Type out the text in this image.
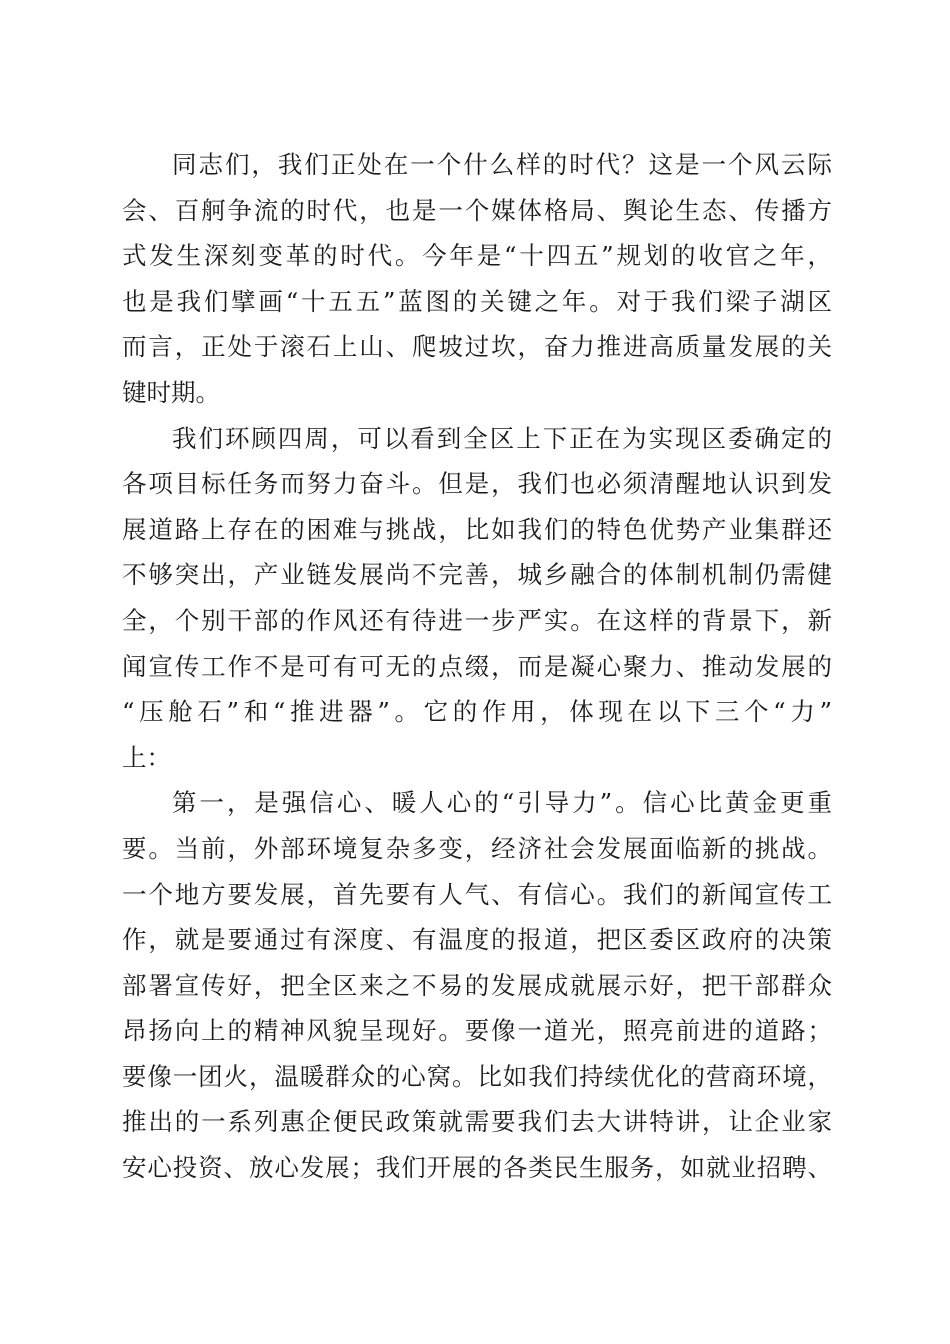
同志们，我们正处在一个什么样的时代？这是一个风云际
会、百舸争流的时代，也是一个媒体格局、舆论生态、传播方
式发生深刻变革的时代。今年是“十四五”规划的收官之年，
也是我们擘画“十五五”蓝图的关键之年。对于我们梁子湖区
而言，正处于滚石上山、爬坡过坎，奋力推进高质量发展的关
键时期。
我们环顾四周，可以看到全区上下正在为实现区委确定的
各项目标任务而努力奋斗。但是，我们也必须清醒地认识到发
展道路上存在的困难与挑战，比如我们的特色优势产业集群还
不够突出，产业链发展尚不完善，城乡融合的体制机制仍需健
全，个别干部的作风还有待进一步严实。在这样的背景下，新
闻宣传工作不是可有可无的点缀，而是凝心聚力、推动发展的
“压舱石”和“推进器”。它的作用，体现在以下三个“力”
上：
第一，是强信心、暖人心的“引导力”。信心比黄金更重
要。当前，外部环境复杂多变，经济社会发展面临新的挑战。
一个地方要发展，首先要有人气、有信心。我们的新闻宣传工
作，就是要通过有深度、有温度的报道，把区委区政府的决策
部署宣传好，把全区来之不易的发展成就展示好，把干部群众
昂扬向上的精神风貌呈现好。要像一道光，照亮前进的道路；
要像一团火，温暖群众的心窝。比如我们持续优化的营商环境，
推出的一系列惠企便民政策就需要我们去大讲特讲，让企业家
安心投资、放心发展；我们开展的各类民生服务，如就业招聘、
